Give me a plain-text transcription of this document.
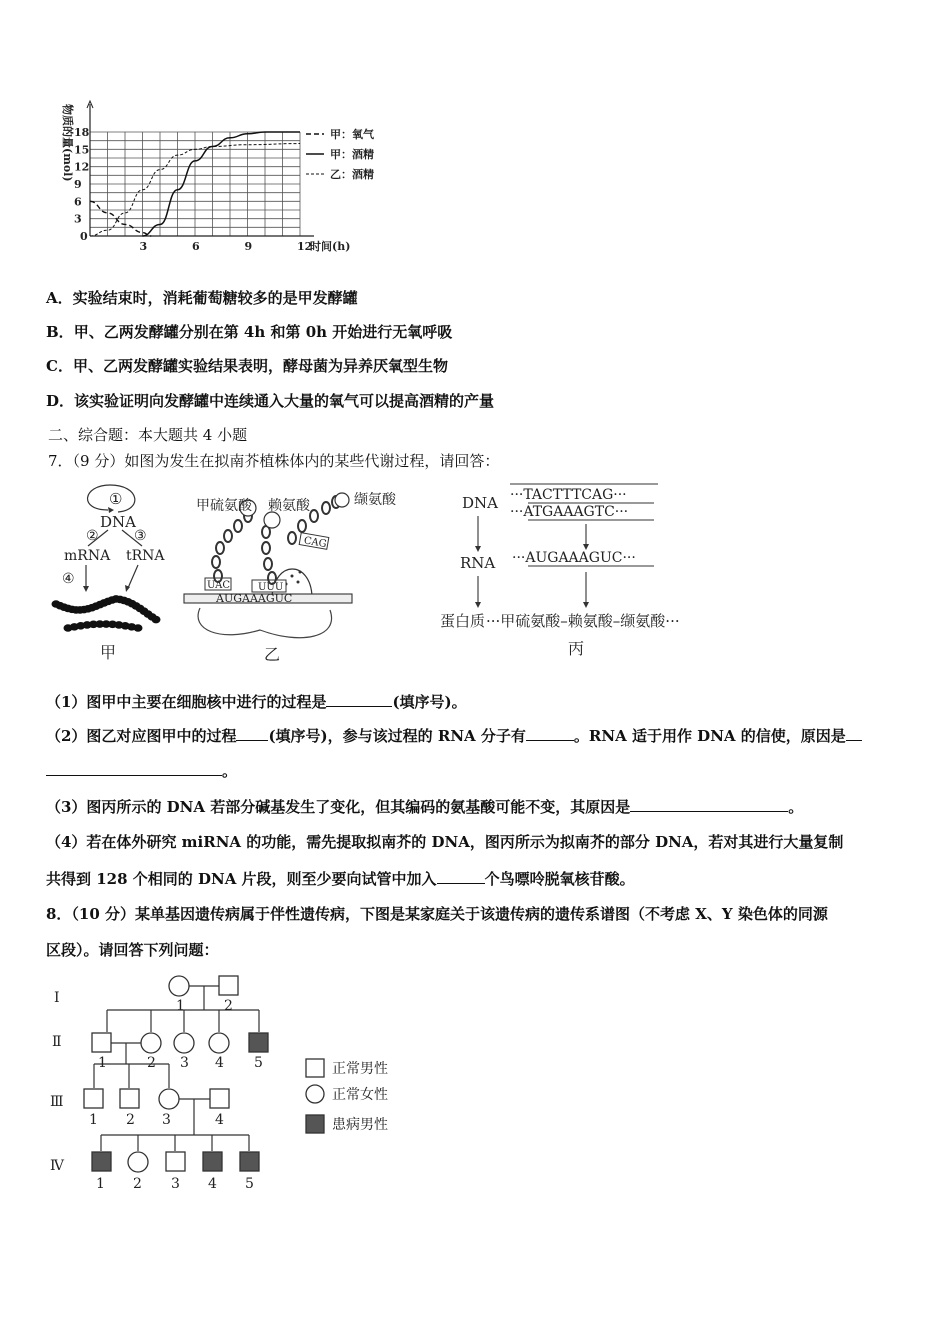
0
3	6	9	12
时间(h)
3
6
9
12
15
18
物质的量(mol)	甲：氧气
甲：酒精
乙：酒精
A．实验结束时，消耗葡萄糖较多的是甲发酵罐
B．甲、乙两发酵罐分别在第 4h 和第 0h 开始进行无氧呼吸
C．甲、乙两发酵罐实验结果表明，酵母菌为异养厌氧型生物
D．该实验证明向发酵罐中连续通入大量的氧气可以提高酒精的产量
二、综合题：本大题共 4 小题
7．（9 分）如图为发生在拟南芥植株体内的某些代谢过程，请回答：
①
DNA
②	③
mRNA tRNA
④
甲
AUGAAAGUC
UAC	UUU
CAG
甲硫氨酸 赖氨酸	缬氨酸
乙
DNA ···TACTTTCAG···
···ATGAAAGTC···
RNA ···AUGAAAGUC···
蛋白质 ···甲硫氨酸–赖氨酸–缬氨酸···
丙
（1）图甲中主要在细胞核中进行的过程是	(填序号)。
（2）图乙对应图甲中的过程 (填序号)，参与该过程的 RNA 分子有	。RNA 适于用作 DNA 的信使，原因是
。
（3）图丙所示的 DNA 若部分碱基发生了变化，但其编码的氨基酸可能不变，其原因是	。
（4）若在体外研究 miRNA 的功能，需先提取拟南芥的 DNA，图丙所示为拟南芥的部分 DNA，若对其进行大量复制
共得到 128 个相同的 DNA 片段，则至少要向试管中加入	个鸟嘌呤脱氧核苷酸。
8．（10 分）某单基因遗传病属于伴性遗传病，下图是某家庭关于该遗传病的遗传系谱图（不考虑 X、Y 染色体的同源
区段）。请回答下列问题：
Ⅰ
Ⅱ
Ⅲ
Ⅳ
1	2
1	2 3 4 5
1 2 3	4
1 2 3 4 5
正常男性
正常女性
患病男性
